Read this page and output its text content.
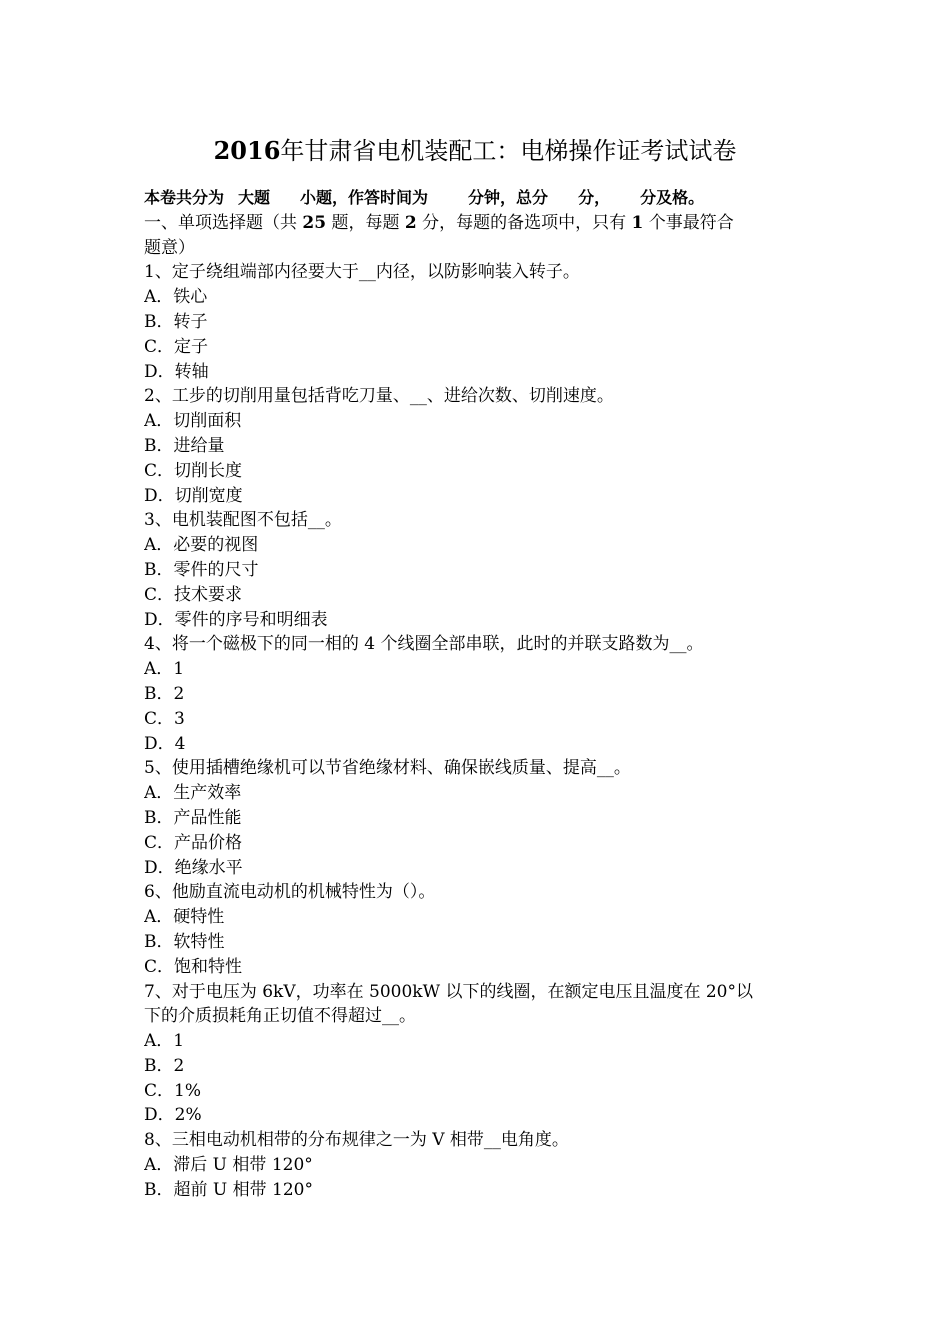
2016年甘肃省电机装配工：电梯操作证考试试卷
本卷共分为 大题 小题，作答时间为	分钟，总分 分， 分及格。
一、单项选择题（共 25 题，每题 2 分，每题的备选项中，只有 1 个事最符合
题意）
1、定子绕组端部内径要大于__内径，以防影响装入转子。
A．铁心
B．转子
C．定子
D．转轴
2、工步的切削用量包括背吃刀量、__、进给次数、切削速度。
A．切削面积
B．进给量
C．切削长度
D．切削宽度
3、电机装配图不包括__。
A．必要的视图
B．零件的尺寸
C．技术要求
D．零件的序号和明细表
4、将一个磁极下的同一相的 4 个线圈全部串联，此时的并联支路数为__。
A．1
B．2
C．3
D．4
5、使用插槽绝缘机可以节省绝缘材料、确保嵌线质量、提高__。
A．生产效率
B．产品性能
C．产品价格
D．绝缘水平
6、他励直流电动机的机械特性为（）。
A．硬特性
B．软特性
C．饱和特性
7、对于电压为 6kV，功率在 5000kW 以下的线圈，在额定电压且温度在 20°以
下的介质损耗角正切值不得超过__。
A．1
B．2
C．1%
D．2%
8、三相电动机相带的分布规律之一为 V 相带__电角度。
A．滞后 U 相带 120°
B．超前 U 相带 120°
